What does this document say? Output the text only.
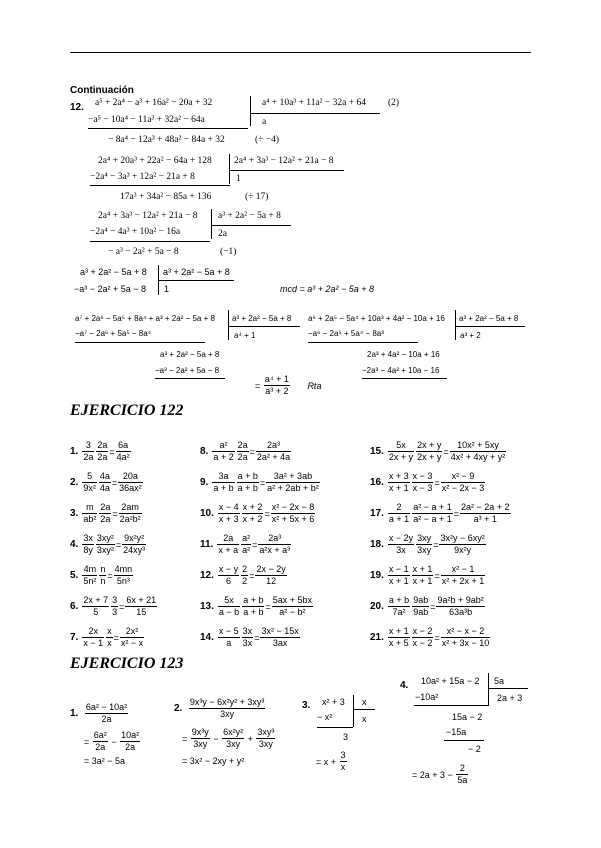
Continuación
12. a⁵ + 2a⁴ − a³ + 16a² − 20a + 32	a⁴ + 10a³ + 11a² − 32a + 64 (2)
−a⁵ − 10a⁴ − 11a³ + 32a² − 64a	a
− 8a⁴ − 12a³ + 48a² − 84a + 32	(÷ −4)
2a⁴ + 20a³ + 22a² − 64a + 128 2a⁴ + 3a³ − 12a² + 21a − 8
−2a⁴ − 3a³ + 12a² − 21a + 8	1
17a³ + 34a² − 85a + 136	(÷ 17)
2a⁴ + 3a³ − 12a² + 21a − 8 a³ + 2a² − 5a + 8
−2a⁴ − 4a³ + 10a² − 16a	2a
− a³ − 2a² + 5a − 8	(−1)
a³ + 2a² − 5a + 8 a³ + 2a² − 5a + 8
−a³ − 2a² + 5a − 8 1	mcd = a³ + 2a² − 5a + 8
a⁷ + 2a⁶ − 5a⁵ + 8a⁴ + a³ + 2a² − 5a + 8 a³ + 2a² − 5a + 8
−a⁷ − 2a⁶ + 5a⁵ − 8a⁴	a⁴ + 1
a³ + 2a² − 5a + 8
−a³ − 2a² + 5a − 8
a⁶ + 2a⁵ − 5a⁴ + 10a³ + 4a² − 10a + 16 a³ + 2a² − 5a + 8
−a⁶ − 2a⁵ + 5a⁴ − 8a³	a³ + 2
2a³ + 4a² − 10a + 16
−2a³ − 4a² + 10a − 16
= $\frac{\text{a⁴ + 1}}{\text{a³ + 2}}$ Rta
EJERCICIO 122
1. $\frac{3}{2a} \frac{2a}{2a} = \frac{6a}{\text{4a²}}$
2. $\frac{5}{\text{9x²}} \frac{4a}{4a} = \frac{20a}{\text{36ax²}}$
3. $\frac{m}{\text{ab²}} \frac{2a}{2a} = \frac{2am}{\text{2a²b²}}$
4. $\frac{3x}{8y} \frac{\text{3xy²}}{\text{3xy²}} = \frac{\text{9x²y²}}{\text{24xy³}}$
5. $\frac{4m}{\text{5n²}} \frac{n}{n} = \frac{4mn}{\text{5n³}}$
6. $\frac{2x + 7}{5} \frac{3}{3} = \frac{6x + 21}{15}$
7. $\frac{2x}{x - 1} \frac{x}{x} = \frac{\text{2x²}}{\text{x² − x}}$
8. $\frac{\text{a²}}{a + 2} \frac{2a}{2a} = \frac{\text{2a³}}{\text{2a² + 4a}}$
9. $\frac{3a}{a + b} \frac{a + b}{a + b} = \frac{\text{3a² + 3ab}}{\text{a² + 2ab + b²}}$
10. $\frac{x - 4}{x + 3} \frac{x + 2}{x + 2} = \frac{\text{x² − 2x − 8}}{\text{x² + 5x + 6}}$
11. $\frac{2a}{x + a} \frac{\text{a²}}{\text{a²}} = \frac{\text{2a³}}{\text{a²x + a³}}$
12. $\frac{x - y}{6} \frac{2}{2} = \frac{2x - 2y}{12}$
13. $\frac{5x}{a - b} \frac{a + b}{a + b} = \frac{5ax + 5bx}{\text{a² − b²}}$
14. $\frac{x - 5}{a} \frac{3x}{3x} = \frac{\text{3x² − 15x}}{3ax}$
15. $\frac{5x}{2x + y} \frac{2x + y}{2x + y} = \frac{\text{10x² + 5xy}}{\text{4x² + 4xy + y²}}$
16. $\frac{x + 3}{x + 1} \frac{x - 3}{x - 3} = \frac{\text{x² − 9}}{\text{x² − 2x − 3}}$
17. $\frac{2}{a + 1} \frac{\text{a² − a + 1}}{\text{a² − a + 1}} = \frac{\text{2a² − 2a + 2}}{\text{a³ + 1}}$
18. $\frac{x - 2y}{3x} \frac{3xy}{3xy} = \frac{\text{3x²y − 6xy²}}{\text{9x²y}}$
19. $\frac{x - 1}{x + 1} \frac{x + 1}{x + 1} = \frac{\text{x² − 1}}{\text{x² + 2x + 1}}$
20. $\frac{a + b}{\text{7a²}} \frac{9ab}{9ab} = \frac{\text{9a²b + 9ab²}}{\text{63a³b}}$
21. $\frac{x + 1}{x + 5} \frac{x - 2}{x - 2} = \frac{\text{x² − x − 2}}{\text{x² + 3x − 10}}$
EJERCICIO 123
1. $\frac{\text{6a² − 10a²}}{2a}$
= $\frac{\text{6a²}}{2a} - \frac{\text{10a²}}{2a}$
= 3a² − 5a
2. $\frac{\text{9x³y − 6x²y² + 3xy³}}{3xy}$
= $\frac{\text{9x³y}}{3xy} - \frac{\text{6x²y²}}{3xy} + \frac{\text{3xy³}}{3xy}$
= 3x² − 2xy + y²
3. x² + 3 x
− x²	x
3
= $x + \frac{3}{x}$
4. 10a² + 15a − 2 5a
−10a²	2a + 3
15a − 2
−15a
− 2
= $2a + 3 - \frac{2}{5a}$
